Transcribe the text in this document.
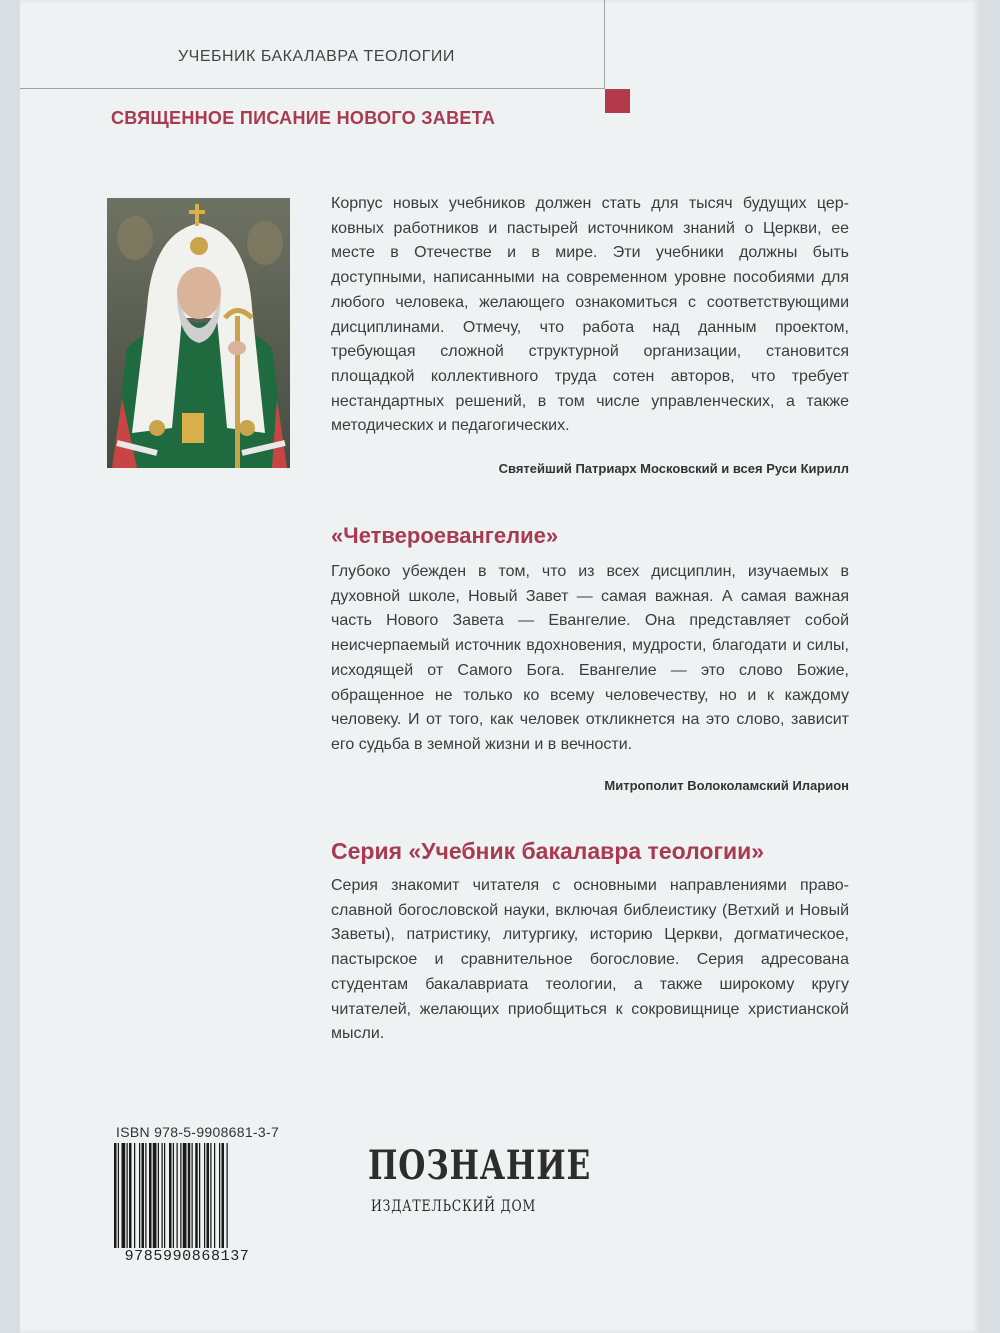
УЧЕБНИК БАКАЛАВРА ТЕОЛОГИИ
СВЯЩЕННОЕ ПИСАНИЕ НОВОГО ЗАВЕТА

Корпус новых учебников должен стать для тысяч будущих церковных работников и пастырей источником знаний о Церкви, ее месте в Отечестве и в мире. Эти учебники должны быть доступными, написанными на современном уровне пособиями для любого человека, желающего ознакомиться с соответствующими дисциплинами. Отмечу, что работа над данным проектом, требующая сложной структурной организации, становится площадкой коллективного труда сотен авторов, что требует нестандартных решений, в том числе управленческих, а также методических и педагогических.

Святейший Патриарх Московский и всея Руси Кирилл
«Четвероевангелие»

Глубоко убежден в том, что из всех дисциплин, изучаемых в духовной школе, Новый Завет — самая важная. А самая важная часть Нового Завета — Евангелие. Она представляет собой неисчерпаемый источник вдохновения, мудрости, благодати и силы, исходящей от Самого Бога. Евангелие — это слово Божие, обращенное не только ко всему человечеству, но и к каждому человеку. И от того, как человек откликнется на это слово, зависит его судьба в земной жизни и в вечности.

Митрополит Волоколамский Иларион
Серия «Учебник бакалавра теологии»

Серия знакомит читателя с основными направлениями православной богословской науки, включая библеистику (Ветхий и Новый Заветы), патристику, литургику, историю Церкви, догматическое, пастырское и сравнительное богословие. Серия адресована студентам бакалавриата теологии, а также широкому кругу читателей, желающих приобщиться к сокровищнице христианской мысли.

ISBN 978-5-9908681-3-7
9785990868137
ПОЗНАНИЕ
ИЗДАТЕЛЬСКИЙ ДОМ
